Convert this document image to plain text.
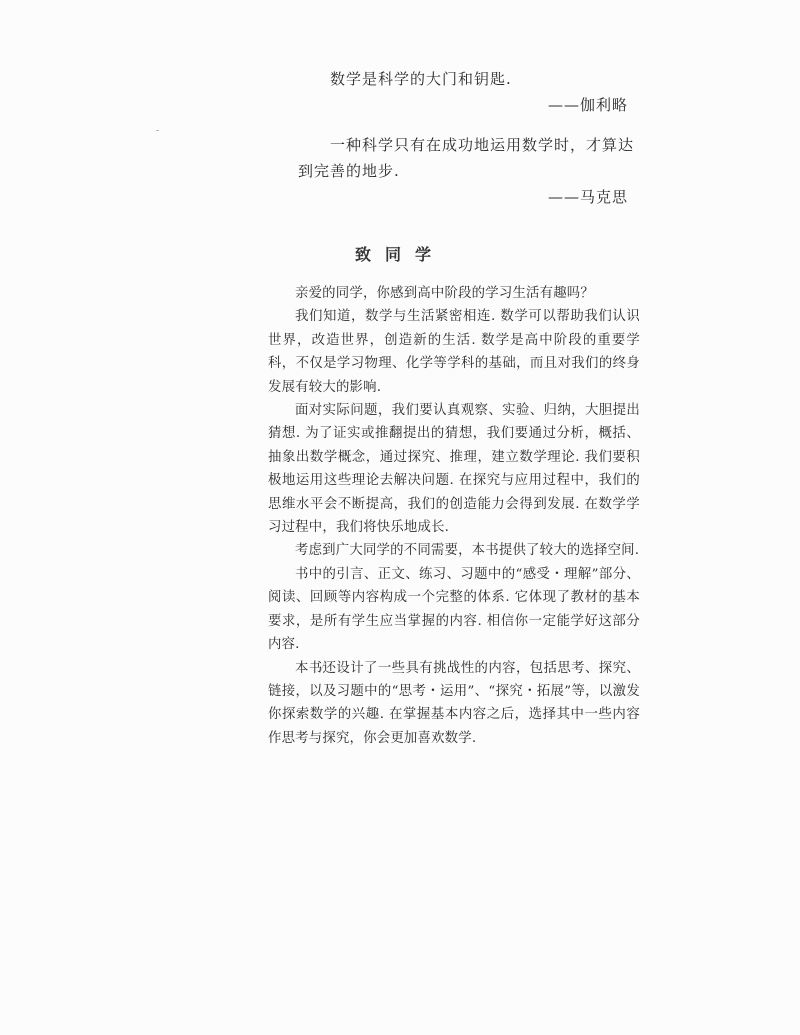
数学是科学的大门和钥匙.

——伽利略

一种科学只有在成功地运用数学时，才算达到完善的地步.

——马克思

致同学

亲爱的同学，你感到高中阶段的学习生活有趣吗？

我们知道，数学与生活紧密相连. 数学可以帮助我们认识世界，改造世界，创造新的生活. 数学是高中阶段的重要学科，不仅是学习物理、化学等学科的基础，而且对我们的终身发展有较大的影响.

面对实际问题，我们要认真观察、实验、归纳，大胆提出猜想. 为了证实或推翻提出的猜想，我们要通过分析，概括、抽象出数学概念，通过探究、推理，建立数学理论. 我们要积极地运用这些理论去解决问题. 在探究与应用过程中，我们的思维水平会不断提高，我们的创造能力会得到发展. 在数学学习过程中，我们将快乐地成长.

考虑到广大同学的不同需要，本书提供了较大的选择空间.

书中的引言、正文、练习、习题中的“感受・理解”部分、阅读、回顾等内容构成一个完整的体系. 它体现了教材的基本要求，是所有学生应当掌握的内容. 相信你一定能学好这部分内容.

本书还设计了一些具有挑战性的内容，包括思考、探究、链接，以及习题中的“思考・运用”、“探究・拓展”等，以激发你探索数学的兴趣. 在掌握基本内容之后，选择其中一些内容作思考与探究，你会更加喜欢数学.
